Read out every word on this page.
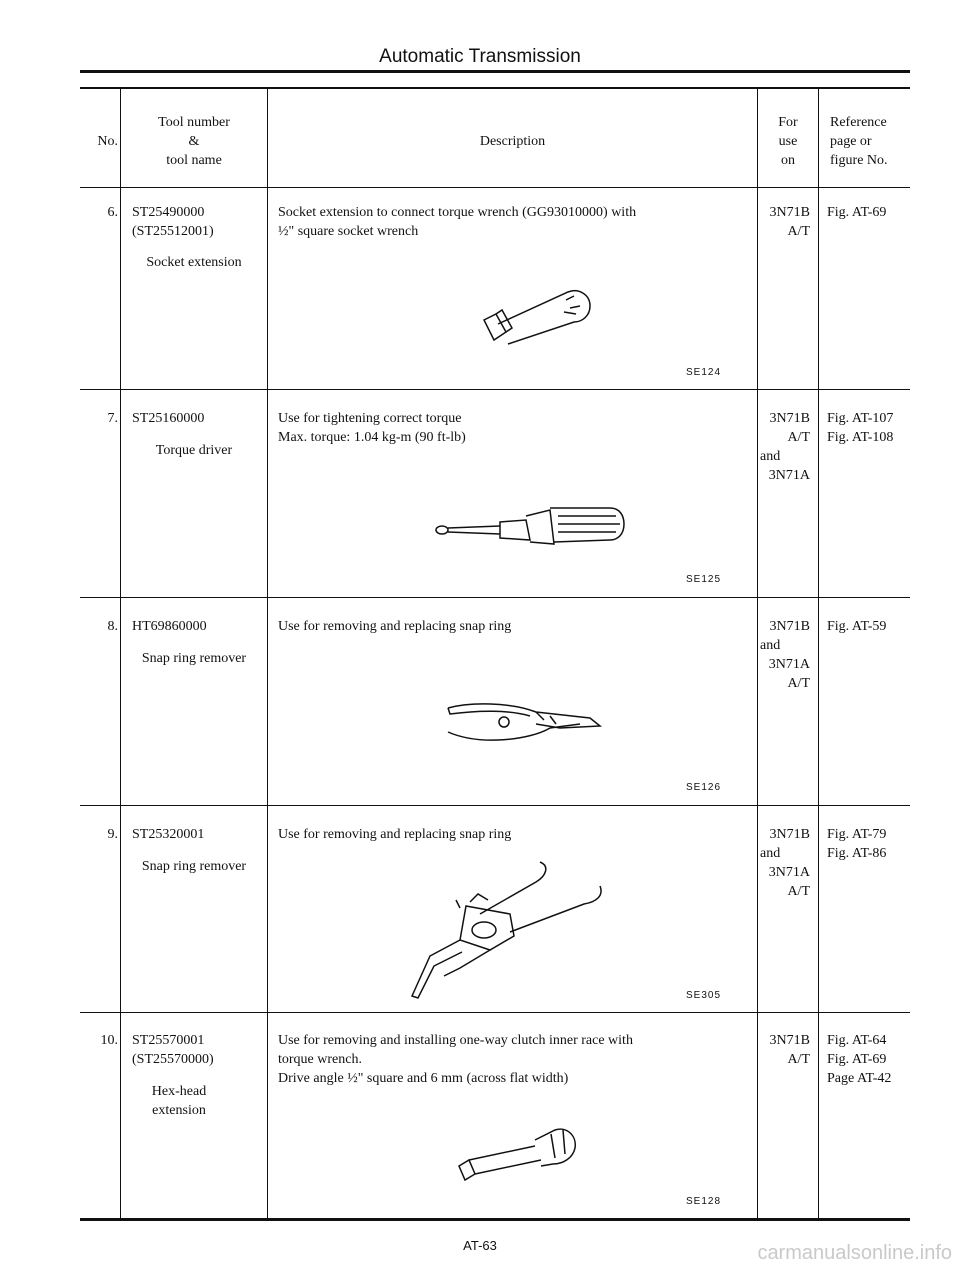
Automatic Transmission
No.
Tool number
&
tool name
Description
For
use
on
Reference
page or
figure No.
6. ST25490000
(ST25512001)
Socket extension
Socket extension to connect torque wrench (GG93010000) with
½" square socket wrench
SE124
3N71B
A/T
Fig. AT-69
7. ST25160000
Torque driver
Use for tightening correct torque
Max. torque: 1.04 kg-m (90 ft-lb)
SE125
3N71B
A/T
and
3N71A
Fig. AT-107
Fig. AT-108
8. HT69860000
Snap ring remover
Use for removing and replacing snap ring
SE126
3N71B
and
3N71A
A/T
Fig. AT-59
9. ST25320001
Snap ring remover
Use for removing and replacing snap ring
SE305
3N71B
and
3N71A
A/T
Fig. AT-79
Fig. AT-86
10. ST25570001
(ST25570000)
Hex-head
extension
Use for removing and installing one-way clutch inner race with
torque wrench.
Drive angle ½" square and 6 mm (across flat width)
SE128
3N71B
A/T
Fig. AT-64
Fig. AT-69
Page AT-42
AT-63	carmanualsonline.info
